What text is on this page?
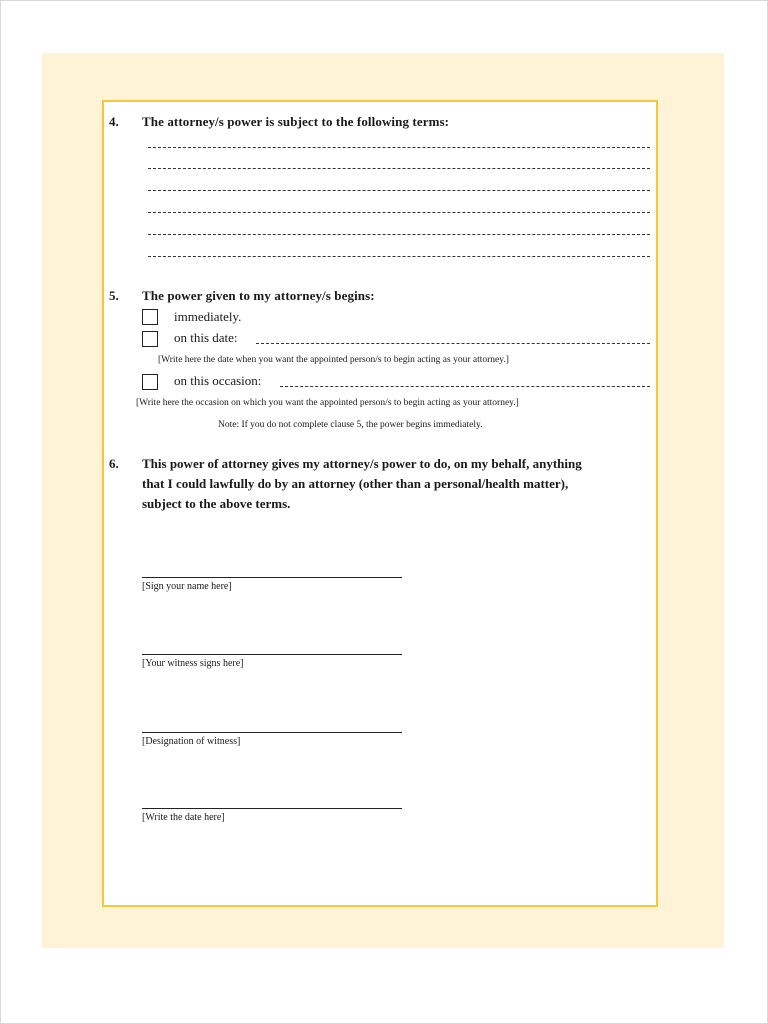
4. The attorney/s power is subject to the following terms:
5. The power given to my attorney/s begins:
immediately.
on this date:
[Write here the date when you want the appointed person/s to begin acting as your attorney.]
on this occasion:
[Write here the occasion on which you want the appointed person/s to begin acting as your attorney.]
Note: If you do not complete clause 5, the power begins immediately.
6. This power of attorney gives my attorney/s power to do, on my behalf, anything
that I could lawfully do by an attorney (other than a personal/health matter),
subject to the above terms.
[Sign your name here]
[Your witness signs here]
[Designation of witness]
[Write the date here]
